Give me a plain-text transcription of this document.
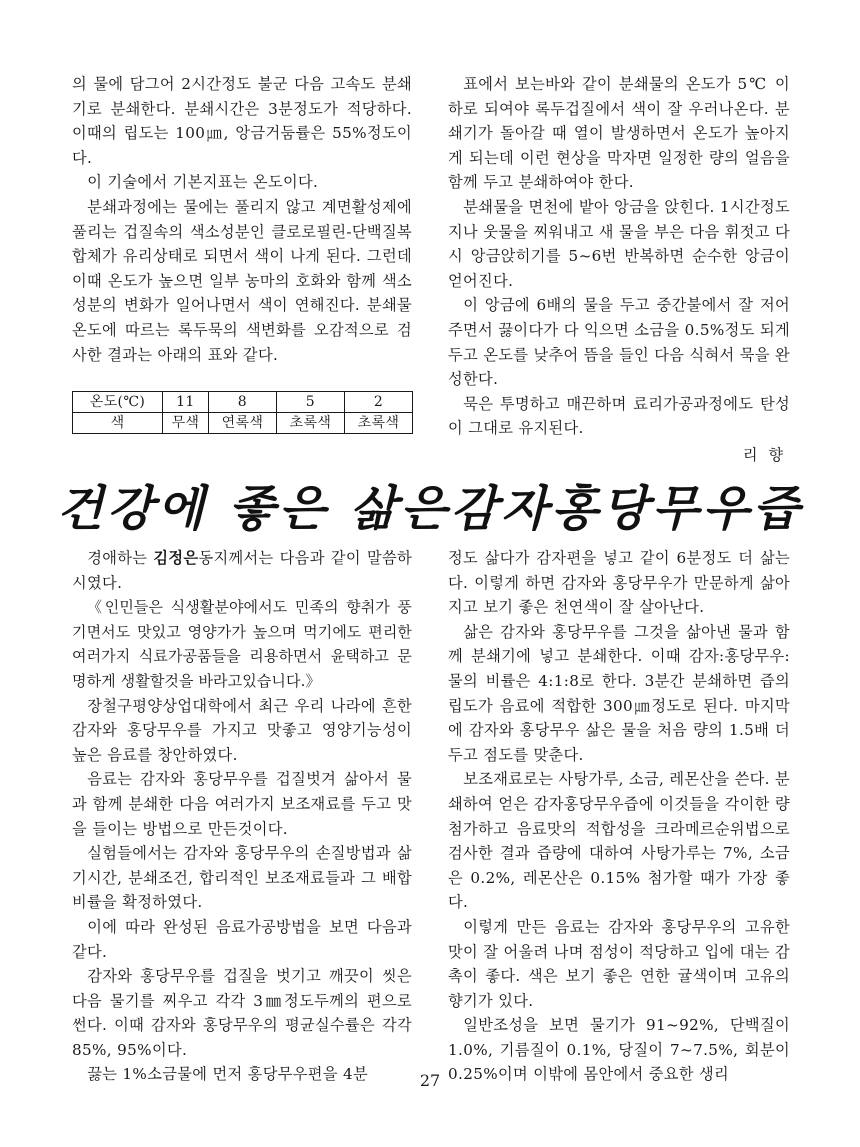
의 물에 담그어 2시간정도 불군 다음 고속도 분쇄기로 분쇄한다. 분쇄시간은 3분정도가 적당하다. 이때의 립도는 100㎛, 앙금거둠률은 55%정도이다.

이 기술에서 기본지표는 온도이다.

분쇄과정에는 물에는 풀리지 않고 계면활성제에 풀리는 겁질속의 색소성분인 클로로필린-단백질복합체가 유리상태로 되면서 색이 나게 된다. 그런데 이때 온도가 높으면 일부 농마의 호화와 함께 색소성분의 변화가 일어나면서 색이 연해진다. 분쇄물온도에 따르는 록두묵의 색변화를 오감적으로 검사한 결과는 아래의 표와 같다.

온도(℃)	11	8	5	2
색	무색	연록색	초록색	초록색

표에서 보는바와 같이 분쇄물의 온도가 5℃ 이하로 되여야 록두겁질에서 색이 잘 우러나온다. 분쇄기가 돌아갈 때 열이 발생하면서 온도가 높아지게 되는데 이런 현상을 막자면 일정한 량의 얼음을 함께 두고 분쇄하여야 한다.

분쇄물을 면천에 밭아 앙금을 앉힌다. 1시간정도 지나 웃물을 찌워내고 새 물을 부은 다음 휘젓고 다시 앙금앉히기를 5~6번 반복하면 순수한 앙금이 얻어진다.

이 앙금에 6배의 물을 두고 중간불에서 잘 저어주면서 끓이다가 다 익으면 소금을 0.5%정도 되게 두고 온도를 낮추어 뜸을 들인 다음 식혀서 묵을 완성한다.

묵은 투명하고 매끈하며 료리가공과정에도 탄성이 그대로 유지된다.

리 향
건강에 좋은 삶은감자홍당무우즙

경애하는 김정은동지께서는 다음과 같이 말씀하시였다.

《인민들은 식생활분야에서도 민족의 향취가 풍기면서도 맛있고 영양가가 높으며 먹기에도 편리한 여러가지 식료가공품들을 리용하면서 윤택하고 문명하게 생활할것을 바라고있습니다.》

장철구평양상업대학에서 최근 우리 나라에 흔한 감자와 홍당무우를 가지고 맛좋고 영양기능성이 높은 음료를 창안하였다.

음료는 감자와 홍당무우를 겁질벗겨 삶아서 물과 함께 분쇄한 다음 여러가지 보조재료를 두고 맛을 들이는 방법으로 만든것이다.

실험들에서는 감자와 홍당무우의 손질방법과 삶기시간, 분쇄조건, 합리적인 보조재료들과 그 배합비률을 확정하였다.

이에 따라 완성된 음료가공방법을 보면 다음과 같다.

감자와 홍당무우를 겁질을 벗기고 깨끗이 씻은 다음 물기를 찌우고 각각 3㎜정도두께의 편으로 썬다. 이때 감자와 홍당무우의 평균실수률은 각각 85%, 95%이다.

끓는 1%소금물에 먼저 홍당무우편을 4분

정도 삶다가 감자편을 넣고 같이 6분정도 더 삶는다. 이렇게 하면 감자와 홍당무우가 만문하게 삶아지고 보기 좋은 천연색이 잘 살아난다.

삶은 감자와 홍당무우를 그것을 삶아낸 물과 함께 분쇄기에 넣고 분쇄한다. 이때 감자:홍당무우:물의 비률은 4:1:8로 한다. 3분간 분쇄하면 즙의 립도가 음료에 적합한 300㎛정도로 된다. 마지막에 감자와 홍당무우 삶은 물을 처음 량의 1.5배 더 두고 점도를 맞춘다.

보조재료로는 사탕가루, 소금, 레몬산을 쓴다. 분쇄하여 얻은 감자홍당무우즙에 이것들을 각이한 량 첨가하고 음료맛의 적합성을 크라메르순위법으로 검사한 결과 즙량에 대하여 사탕가루는 7%, 소금은 0.2%, 레몬산은 0.15% 첨가할 때가 가장 좋다.

이렇게 만든 음료는 감자와 홍당무우의 고유한 맛이 잘 어울려 나며 점성이 적당하고 입에 대는 감촉이 좋다. 색은 보기 좋은 연한 귤색이며 고유의 향기가 있다.

일반조성을 보면 물기가 91~92%, 단백질이 1.0%, 기름질이 0.1%, 당질이 7~7.5%, 회분이 0.25%이며 이밖에 몸안에서 중요한 생리

27
